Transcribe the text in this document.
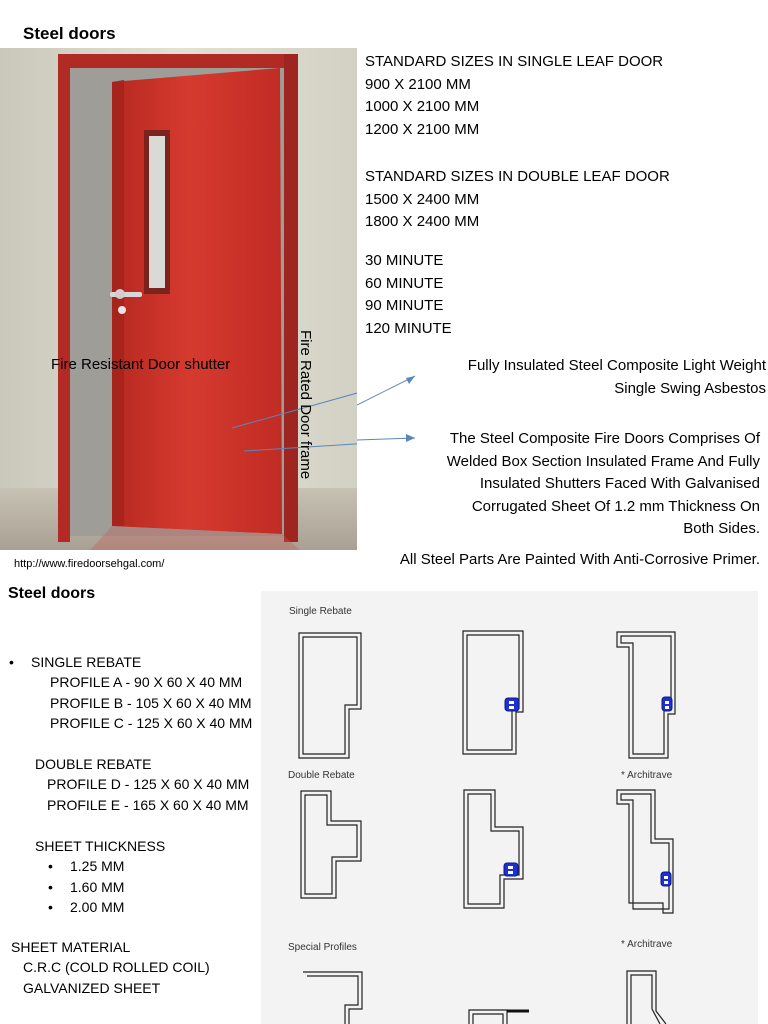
Steel doors
Fire Resistant Door shutter	Fire Rated Door frame
http://www.firedoorsehgal.com/
STANDARD SIZES IN SINGLE LEAF DOOR
900 X 2100 MM
1000 X 2100 MM
1200 X 2100 MM
STANDARD SIZES IN DOUBLE LEAF DOOR
1500 X 2400 MM
1800 X 2400 MM
30 MINUTE
60 MINUTE
90 MINUTE
120 MINUTE
Fully Insulated Steel Composite Light Weight
Single Swing Asbestos
The Steel Composite Fire Doors Comprises Of
Welded Box Section Insulated Frame And Fully
Insulated Shutters Faced With Galvanised
Corrugated Sheet Of 1.2 mm Thickness On
Both Sides.
All Steel Parts Are Painted With Anti-Corrosive Primer.
Steel doors
• SINGLE REBATE
PROFILE A - 90 X 60 X 40 MM
PROFILE B - 105 X 60 X 40 MM
PROFILE C - 125 X 60 X 40 MM
DOUBLE REBATE
PROFILE D - 125 X 60 X 40 MM
PROFILE E - 165 X 60 X 40 MM
SHEET THICKNESS
• 1.25 MM
• 1.60 MM
• 2.00 MM
SHEET MATERIAL
C.R.C (COLD ROLLED COIL)
GALVANIZED SHEET
Single Rebate
Double Rebate
Special Profiles
* Architrave
* Architrave
